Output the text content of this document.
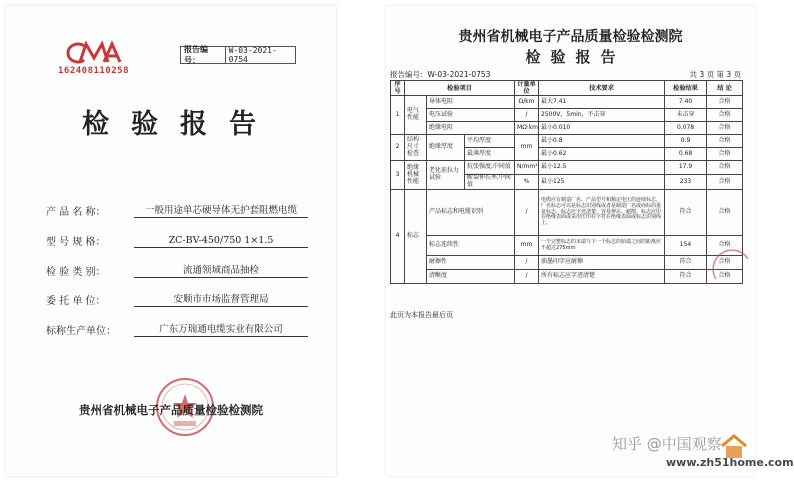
162408110258
报告编号：
W-03-2021-0754
检验报告
产 品 名 称：	一般用途单芯硬导体无护套阻燃电缆
型 号 规 格：	ZC-BV-450/750 1×1.5
检 验 类 别：	流通领域商品抽检
委 托 单 位：	安顺市市场监督管理局
标称生产单位：	广东万瑞通电缆实业有限公司
贵州省机械电子产品质量检验检测院
贵州省机械电子产品质量检验检测院
检验报告
报告编号：W-03-2021-0753	共 3 页 第 3 页
序号	检验项目			计量单位	技术要求	检验结果	结 论
1	电气性能	导体电阻		Ω/km	最大7.41	7.40	合格
		电压试验		/	2500V，5min，不击穿	未击穿	合格
		绝缘电阻		MΩ·km	最小0.010	0.078	合格
2	结构尺寸检查	绝缘厚度	平均厚度	mm	最小0.8	0.9	合格
			最薄厚度		最小0.62	0.68	合格
3	绝缘机械性能	老化前拉力试验	抗张强度,中间值	N/mm²	最小12.5	17.9	合格
			断裂伸长率,中间值	%	最小125	233	合格
4	标志	产品标志和电缆识别		/	电缆应有制造厂名、产品型号和额定电压的连续标志，厂名标志可以是标志识别线或者是制造厂名或商标的重复标志，标志应字迹清楚、容易辨认、耐擦。标志应印在绝缘表面或采用压印在字符在绝缘表面或标志识别线上。	符合	合格
		标志连续性		mm	一个完整标志的末端与下一个标志的始端之间的距离应不超过275mm	154	合格
		耐擦性		/	油墨印字应耐擦	符合	合格
		清晰度		/	所有标志应字迹清楚	符合	合格
此页为本报告最后页
知乎 @中国观察
www.zh51home.com
